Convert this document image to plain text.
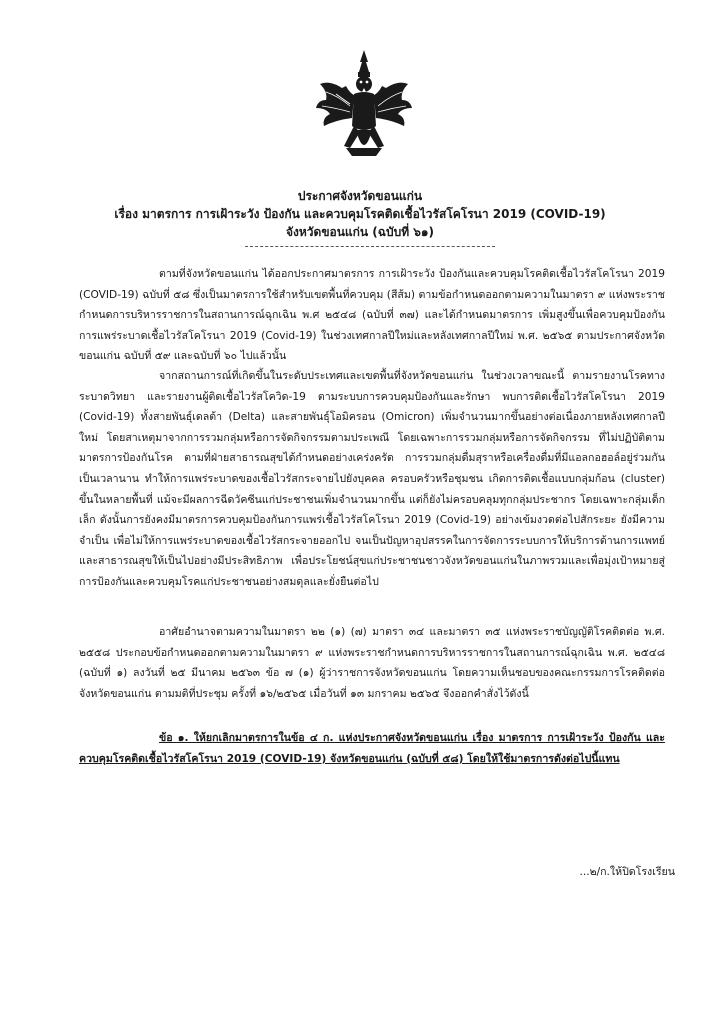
ประกาศจังหวัดขอนแก่น
เรื่อง มาตรการ การเฝ้าระวัง ป้องกัน และควบคุมโรคติดเชื้อไวรัสโคโรนา 2019 (COVID-19)
จังหวัดขอนแก่น (ฉบับที่ ๖๑)
ตามที่จังหวัดขอนแก่น ได้ออกประกาศมาตรการ การเฝ้าระวัง ป้องกันและควบคุมโรคติดเชื้อไวรัสโคโรนา 2019 (COVID-19) ฉบับที่ ๕๘ ซึ่งเป็นมาตรการใช้สำหรับเขตพื้นที่ควบคุม (สีส้ม) ตามข้อกำหนดออกตามความในมาตรา ๙ แห่งพระราชกำหนดการบริหารราชการในสถานการณ์ฉุกเฉิน พ.ศ ๒๕๔๘ (ฉบับที่ ๓๗) และได้กำหนดมาตรการ เพิ่มสูงขึ้นเพื่อควบคุมป้องกัน การแพร่ระบาดเชื้อไวรัสโคโรนา 2019 (Covid-19) ในช่วงเทศกาลปีใหม่และหลังเทศกาลปีใหม่ พ.ศ. ๒๕๖๕ ตามประกาศจังหวัดขอนแก่น ฉบับที่ ๕๙ และฉบับที่ ๖๐ ไปแล้วนั้น
จากสถานการณ์ที่เกิดขึ้นในระดับประเทศและเขตพื้นที่จังหวัดขอนแก่น ในช่วงเวลาขณะนี้ ตามรายงานโรคทางระบาดวิทยา และรายงานผู้ติดเชื้อไวรัสโควิด-19 ตามระบบการควบคุมป้องกันและรักษา พบการติดเชื้อไวรัสโคโรนา 2019 (Covid-19) ทั้งสายพันธุ์เดลต้า (Delta) และสายพันธุ์โอมิครอน (Omicron) เพิ่มจำนวนมากขึ้นอย่างต่อเนื่องภายหลังเทศกาลปีใหม่ โดยสาเหตุมาจากการรวมกลุ่มหรือการจัดกิจกรรมตามประเพณี โดยเฉพาะการรวมกลุ่มหรือการจัดกิจกรรม ที่ไม่ปฏิบัติตามมาตรการป้องกันโรค ตามที่ฝ่ายสาธารณสุขได้กำหนดอย่างเคร่งครัด การรวมกลุ่มดื่มสุราหรือเครื่องดื่มที่มีแอลกอฮอล์อยู่ร่วมกันเป็นเวลานาน ทำให้การแพร่ระบาดของเชื้อไวรัสกระจายไปยังบุคคล ครอบครัวหรือชุมชน เกิดการติดเชื้อแบบกลุ่มก้อน (cluster) ขึ้นในหลายพื้นที่ แม้จะมีผลการฉีดวัคซีนแก่ประชาชนเพิ่มจำนวนมากขึ้น แต่ก็ยังไม่ครอบคลุมทุกกลุ่มประชากร โดยเฉพาะกลุ่มเด็กเล็ก ดังนั้นการยังคงมีมาตรการควบคุมป้องกันการแพร่เชื้อไวรัสโคโรนา 2019 (Covid-19) อย่างเข้มงวดต่อไปสักระยะ ยังมีความจำเป็น เพื่อไม่ให้การแพร่ระบาดของเชื้อไวรัสกระจายออกไป จนเป็นปัญหาอุปสรรคในการจัดการระบบการให้บริการด้านการแพทย์และสาธารณสุขให้เป็นไปอย่างมีประสิทธิภาพ เพื่อประโยชน์สุขแก่ประชาชนชาวจังหวัดขอนแก่นในภาพรวมและเพื่อมุ่งเป้าหมายสู่การป้องกันและควบคุมโรคแก่ประชาชนอย่างสมดุลและยั่งยืนต่อไป
อาศัยอำนาจตามความในมาตรา ๒๒ (๑) (๗) มาตรา ๓๔ และมาตรา ๓๕ แห่งพระราชบัญญัติโรคติดต่อ พ.ศ. ๒๕๕๘ ประกอบข้อกำหนดออกตามความในมาตรา ๙ แห่งพระราชกำหนดการบริหารราชการในสถานการณ์ฉุกเฉิน พ.ศ. ๒๕๔๘ (ฉบับที่ ๑) ลงวันที่ ๒๕ มีนาคม ๒๕๖๓ ข้อ ๗ (๑) ผู้ว่าราชการจังหวัดขอนแก่น โดยความเห็นชอบของคณะกรรมการโรคติดต่อจังหวัดขอนแก่น ตามมติที่ประชุม ครั้งที่ ๑๖/๒๕๖๕ เมื่อวันที่ ๑๓ มกราคม ๒๕๖๕ จึงออกคำสั่งไว้ดังนี้
ข้อ ๑. ให้ยกเลิกมาตรการในข้อ ๔ ก. แห่งประกาศจังหวัดขอนแก่น เรื่อง มาตรการ การเฝ้าระวัง ป้องกัน และควบคุมโรคติดเชื้อไวรัสโคโรนา 2019 (COVID-19) จังหวัดขอนแก่น (ฉบับที่ ๕๘) โดยให้ใช้มาตรการดังต่อไปนี้แทน
...๒/ก.ให้ปิดโรงเรียน
